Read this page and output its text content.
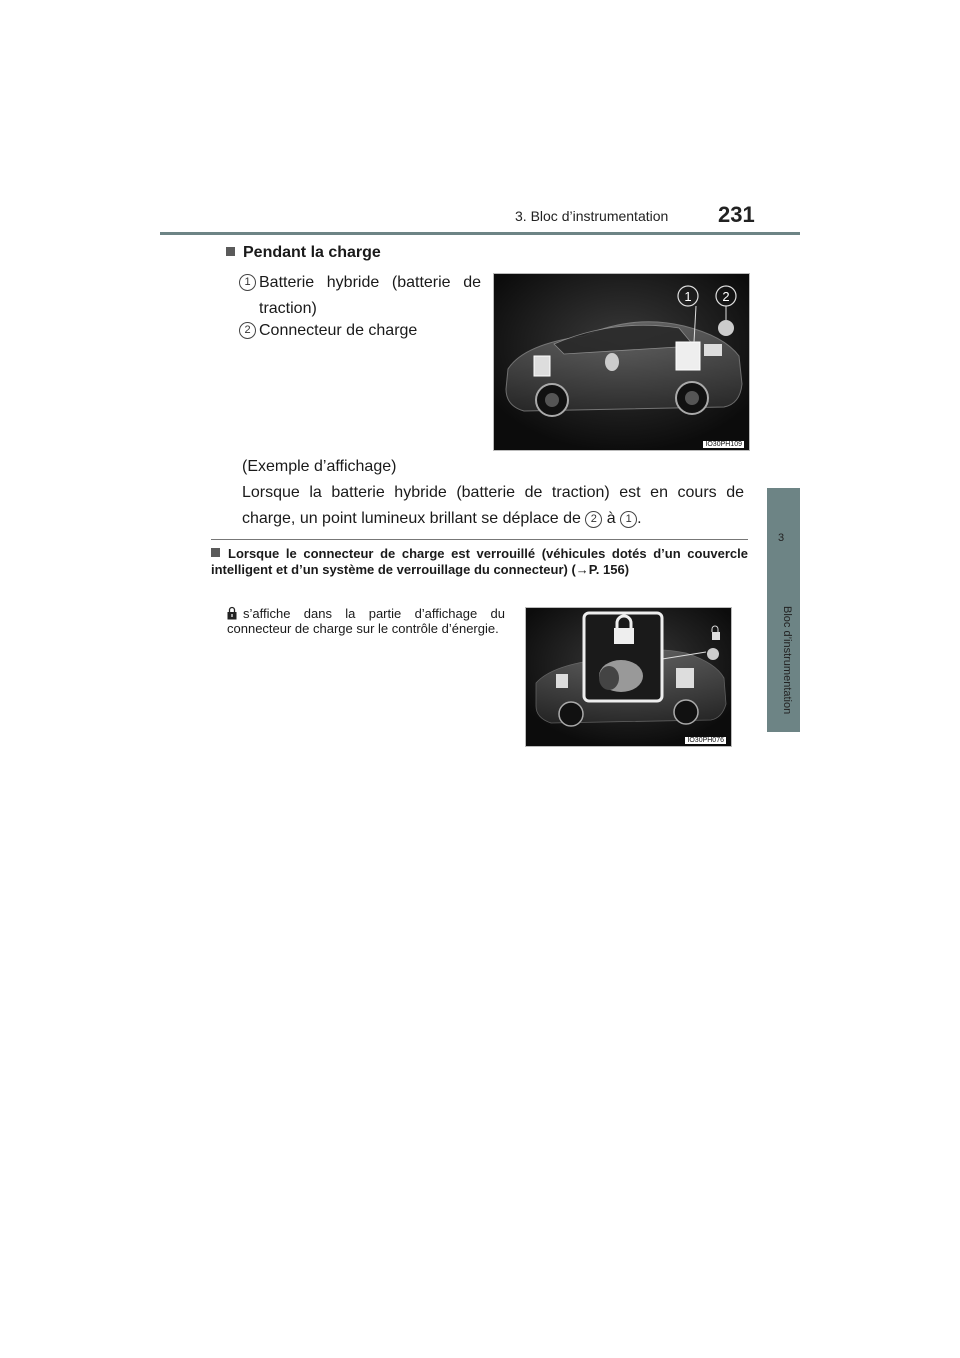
3. Bloc d’instrumentation 231
3
Bloc d’instrumentation
Pendant la charge
1 Batterie hybride (batterie de traction)
2 Connecteur de charge
1 2
IO30PH109
(Exemple d’affichage)
Lorsque la batterie hybride (batterie de traction) est en cours de charge, un point lumineux brillant se déplace de 2 à 1 .
Lorsque le connecteur de charge est verrouillé (véhicules dotés d’un couvercle intelligent et d’un système de verrouillage du connecteur) (→P. 156)
s’affiche dans la partie d’affichage du connecteur de charge sur le contrôle d’énergie.
IO30PH076
